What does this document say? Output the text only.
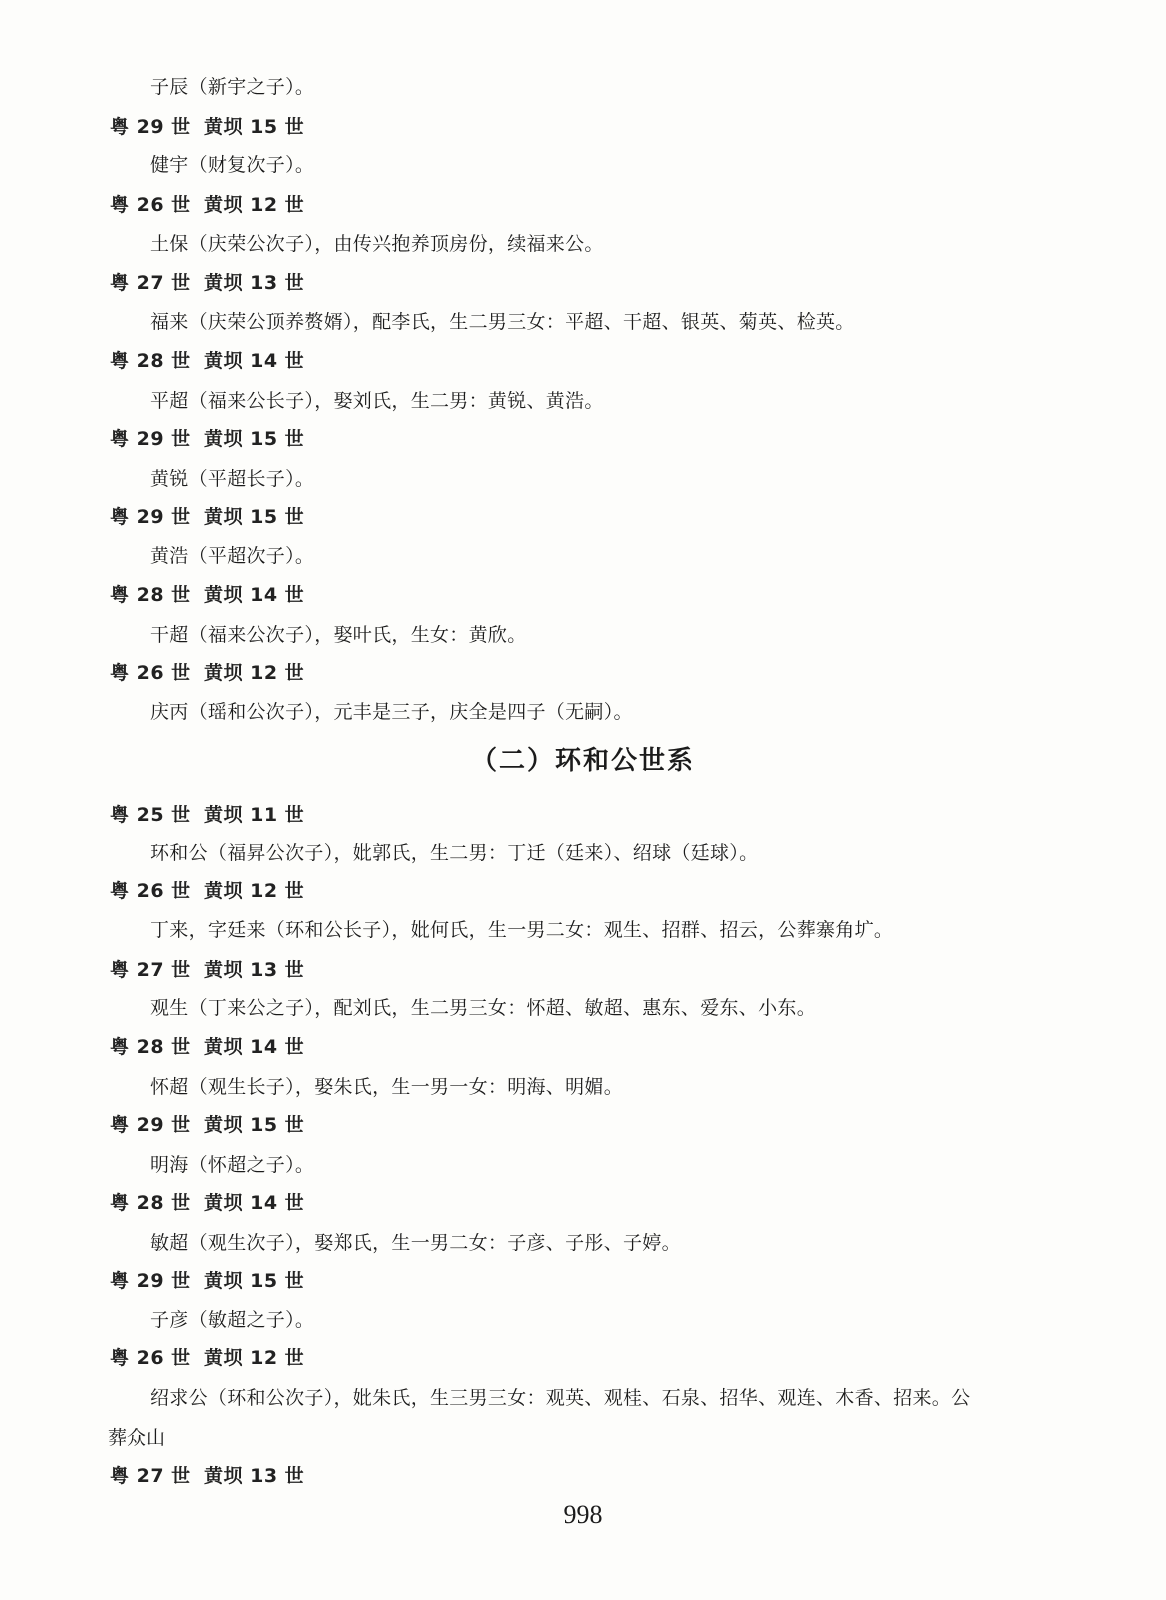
子辰（新宇之子）。
粤 29 世 黄坝 15 世
健宇（财复次子）。
粤 26 世 黄坝 12 世
土保（庆荣公次子），由传兴抱养顶房份，续福来公。
粤 27 世 黄坝 13 世
福来（庆荣公顶养赘婿），配李氏，生二男三女：平超、干超、银英、菊英、检英。
粤 28 世 黄坝 14 世
平超（福来公长子），娶刘氏，生二男：黄锐、黄浩。
粤 29 世 黄坝 15 世
黄锐（平超长子）。
粤 29 世 黄坝 15 世
黄浩（平超次子）。
粤 28 世 黄坝 14 世
干超（福来公次子），娶叶氏，生女：黄欣。
粤 26 世 黄坝 12 世
庆丙（瑶和公次子），元丰是三子，庆全是四子（无嗣）。
（二）环和公世系
粤 25 世 黄坝 11 世
环和公（福昇公次子），妣郭氏，生二男：丁迁（廷来）、绍球（廷球）。
粤 26 世 黄坝 12 世
丁来，字廷来（环和公长子），妣何氏，生一男二女：观生、招群、招云，公葬寨角圹。
粤 27 世 黄坝 13 世
观生（丁来公之子），配刘氏，生二男三女：怀超、敏超、惠东、爱东、小东。
粤 28 世 黄坝 14 世
怀超（观生长子），娶朱氏，生一男一女：明海、明媚。
粤 29 世 黄坝 15 世
明海（怀超之子）。
粤 28 世 黄坝 14 世
敏超（观生次子），娶郑氏，生一男二女：子彦、子彤、子婷。
粤 29 世 黄坝 15 世
子彦（敏超之子）。
粤 26 世 黄坝 12 世
绍求公（环和公次子），妣朱氏，生三男三女：观英、观桂、石泉、招华、观连、木香、招来。公
葬众山
粤 27 世 黄坝 13 世
998
